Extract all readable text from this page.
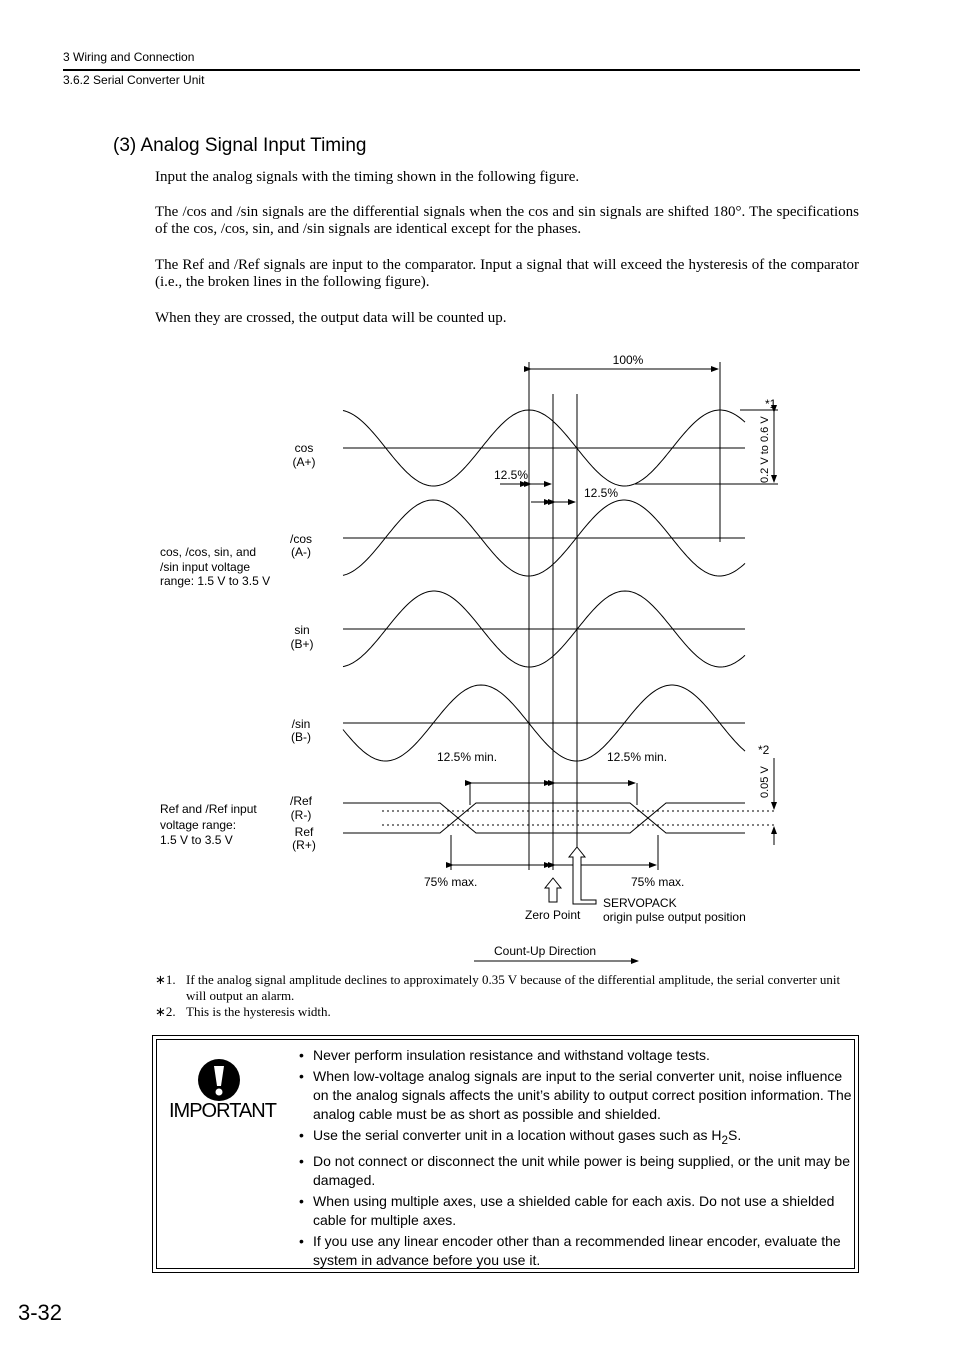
3 Wiring and Connection
3.6.2 Serial Converter Unit
(3) Analog Signal Input Timing
Input the analog signals with the timing shown in the following figure.
The /cos and /sin signals are the differential signals when the cos and sin signals are shifted 180°. The specifications of the cos, /cos, sin, and /sin signals are identical except for the phases.
The Ref and /Ref signals are input to the comparator. Input a signal that will exceed the hysteresis of the comparator (i.e., the broken lines in the following figure).
When they are crossed, the output data will be counted up.
100%
12.5%
12.5%
*1
0.2 V to 0.6 V
cos
(A+)
/cos
(A-)
sin
(B+)
/sin
(B-)
cos, /cos, sin, and
/sin input voltage
range: 1.5 V to 3.5 V
/Ref
(R-)
Ref
(R+)
Ref and /Ref input
voltage range:
1.5 V to 3.5 V
*2
0.05 V
12.5% min.	12.5% min.
75% max.	75% max.
Zero Point
SERVOPACK
origin pulse output position
Count-Up Direction
∗1. If the analog signal amplitude declines to approximately 0.35 V because of the differential amplitude, the serial converter unit will output an alarm.
∗2. This is the hysteresis width.
IMPORTANT
• Never perform insulation resistance and withstand voltage tests.
• When low-voltage analog signals are input to the serial converter unit, noise influence on the analog signals affects the unit’s ability to output correct position information. The analog cable must be as short as possible and shielded.
• Use the serial converter unit in a location without gases such as $H_2S$.
• Do not connect or disconnect the unit while power is being supplied, or the unit may be damaged.
• When using multiple axes, use a shielded cable for each axis. Do not use a shielded cable for multiple axes.
• If you use any linear encoder other than a recommended linear encoder, evaluate the system in advance before you use it.
3-32
